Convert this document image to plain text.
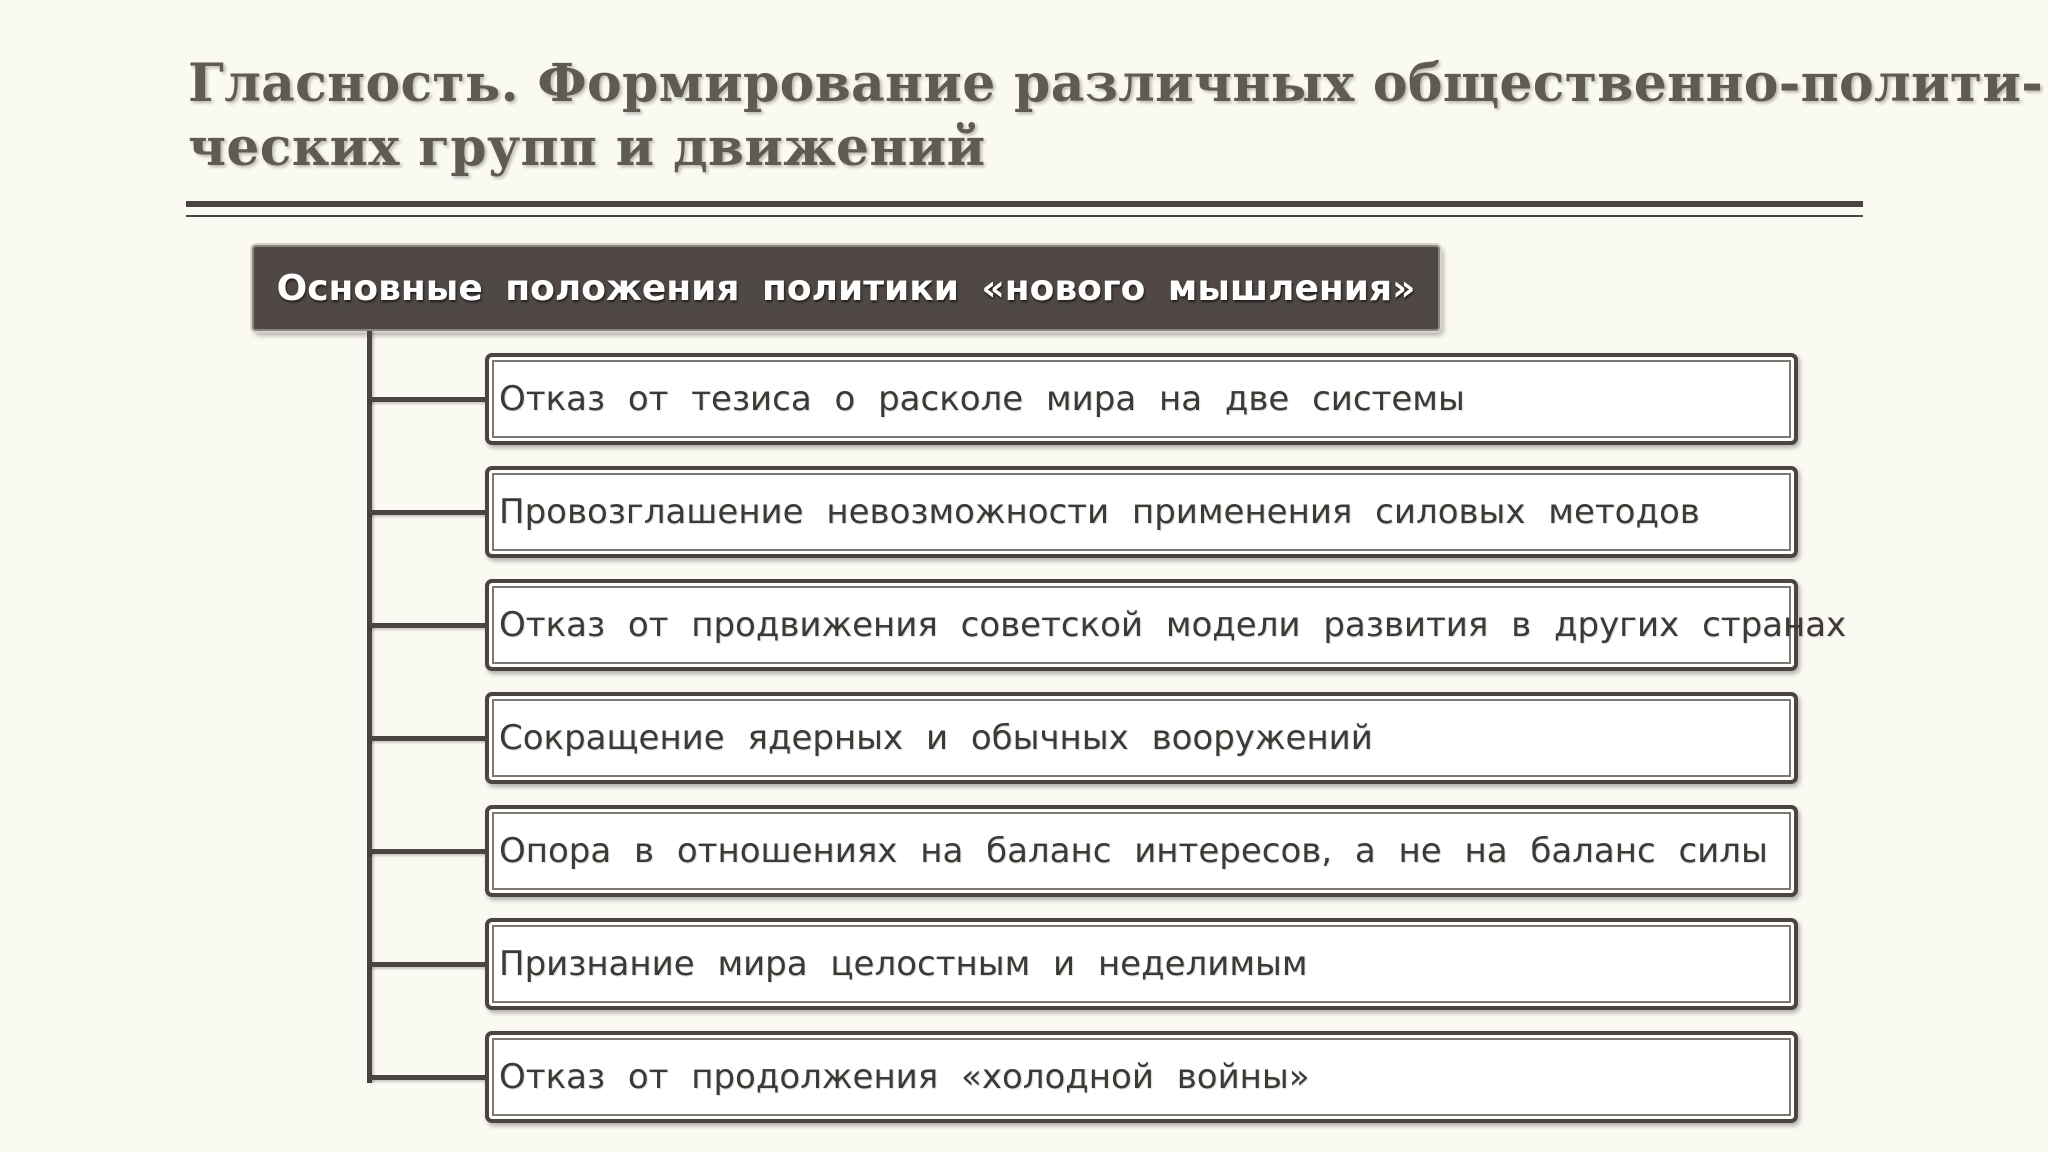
Гласность. Формирование различных общественно-полити-
ческих групп и движений
Основные положения политики «нового мышления»
Отказ от тезиса о расколе мира на две системы
Провозглашение невозможности применения силовых методов
Отказ от продвижения советской модели развития в других странах
Сокращение ядерных и обычных вооружений
Опора в отношениях на баланс интересов, а не на баланс силы
Признание мира целостным и неделимым
Отказ от продолжения «холодной войны»
